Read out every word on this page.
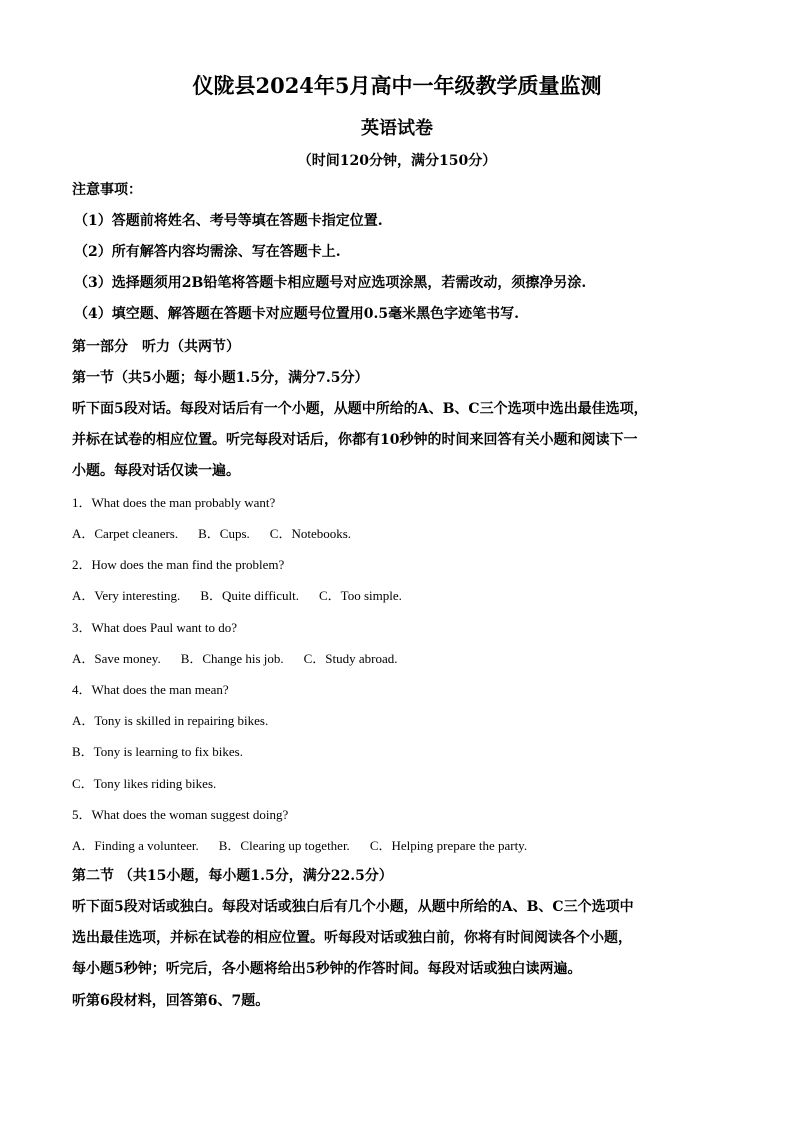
仪陇县2024年5月高中一年级教学质量监测
英语试卷
（时间120分钟，满分150分）
注意事项：
（1）答题前将姓名、考号等填在答题卡指定位置.
（2）所有解答内容均需涂、写在答题卡上.
（3）选择题须用2B铅笔将答题卡相应题号对应选项涂黑，若需改动，须擦净另涂.
（4）填空题、解答题在答题卡对应题号位置用0.5毫米黑色字迹笔书写.
第一部分　听力（共两节）
第一节（共5小题；每小题1.5分，满分7.5分）
听下面5段对话。每段对话后有一个小题，从题中所给的A、B、C三个选项中选出最佳选项，
并标在试卷的相应位置。听完每段对话后，你都有10秒钟的时间来回答有关小题和阅读下一
小题。每段对话仅读一遍。
1．What does the man probably want?
A．Carpet cleaners. B．Cups. C．Notebooks.
2．How does the man find the problem?
A．Very interesting. B．Quite difficult. C．Too simple.
3．What does Paul want to do?
A．Save money. B．Change his job. C．Study abroad.
4．What does the man mean?
A．Tony is skilled in repairing bikes.
B．Tony is learning to fix bikes.
C．Tony likes riding bikes.
5．What does the woman suggest doing?
A．Finding a volunteer. B．Clearing up together. C．Helping prepare the party.
第二节 （共15小题，每小题1.5分，满分22.5分）
听下面5段对话或独白。每段对话或独白后有几个小题，从题中所给的A、B、C三个选项中
选出最佳选项，并标在试卷的相应位置。听每段对话或独白前，你将有时间阅读各个小题，
每小题5秒钟；听完后，各小题将给出5秒钟的作答时间。每段对话或独白读两遍。
听第6段材料，回答第6、7题。
